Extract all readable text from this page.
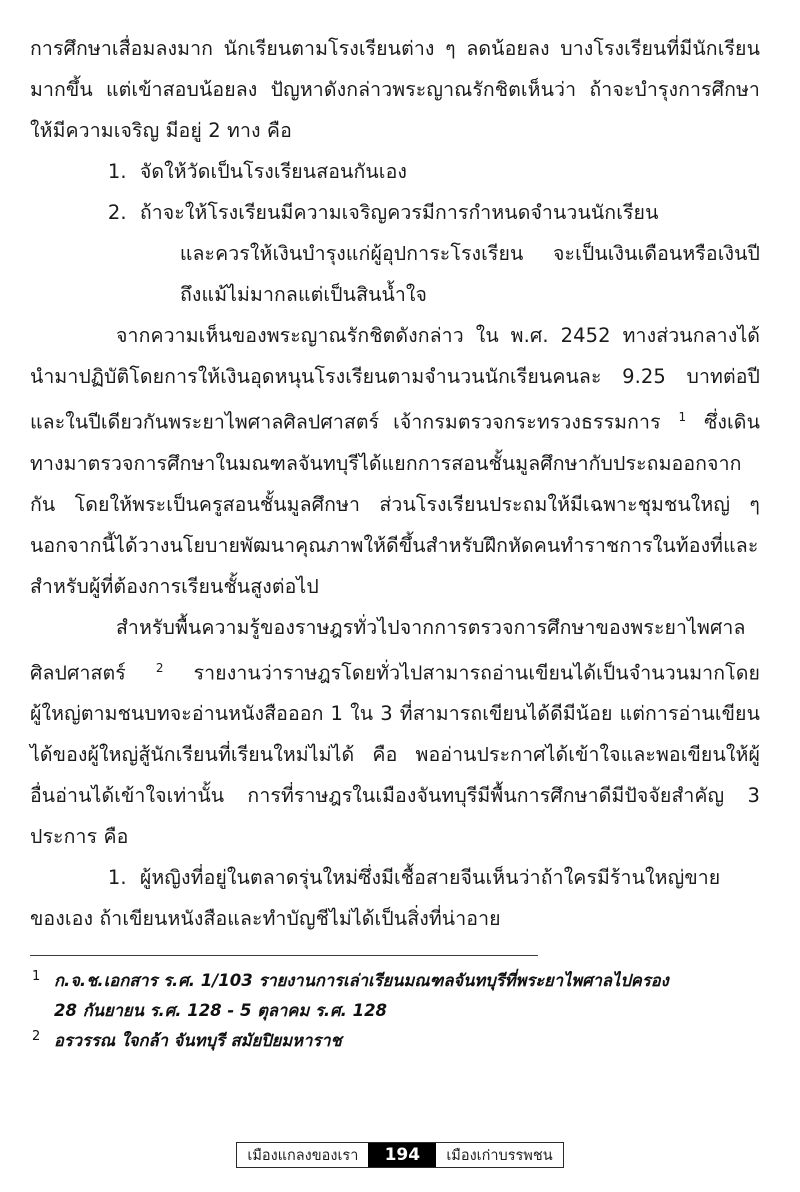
การศึกษาเสื่อมลงมาก นักเรียนตามโรงเรียนต่าง ๆ ลดน้อยลง บางโรงเรียนที่มีนักเรียนมากขึ้น แต่เข้าสอบน้อยลง ปัญหาดังกล่าวพระญาณรักชิตเห็นว่า ถ้าจะบำรุงการศึกษาให้มีความเจริญ มีอยู่ 2 ทาง คือ

1. จัดให้วัดเป็นโรงเรียนสอนกันเอง
2. ถ้าจะให้โรงเรียนมีความเจริญควรมีการกำหนดจำนวนนักเรียน
และควรให้เงินบำรุงแก่ผู้อุปการะโรงเรียน จะเป็นเงินเดือนหรือเงินปี ถึงแม้ไม่มากลแต่เป็นสินน้ำใจ

จากความเห็นของพระญาณรักชิตดังกล่าว ใน พ.ศ. 2452 ทางส่วนกลางได้นำมาปฏิบัติโดยการให้เงินอุดหนุนโรงเรียนตามจำนวนนักเรียนคนละ 9.25 บาทต่อปี และในปีเดียวกันพระยาไพศาลศิลปศาสตร์ เจ้ากรมตรวจกระทรวงธรรมการ $^1$ ซึ่งเดินทางมาตรวจการศึกษาในมณฑลจันทบุรีได้แยกการสอนชั้นมูลศึกษากับประถมออกจากกัน โดยให้พระเป็นครูสอนชั้นมูลศึกษา ส่วนโรงเรียนประถมให้มีเฉพาะชุมชนใหญ่ ๆ นอกจากนี้ได้วางนโยบายพัฒนาคุณภาพให้ดีขึ้นสำหรับฝึกหัดคนทำราชการในท้องที่และสำหรับผู้ที่ต้องการเรียนชั้นสูงต่อไป

สำหรับพื้นความรู้ของราษฎรทั่วไปจากการตรวจการศึกษาของพระยาไพศาลศิลปศาสตร์ $^2$ รายงานว่าราษฎรโดยทั่วไปสามารถอ่านเขียนได้เป็นจำนวนมากโดยผู้ใหญ่ตามชนบทจะอ่านหนังสือออก 1 ใน 3 ที่สามารถเขียนได้ดีมีน้อย แต่การอ่านเขียนได้ของผู้ใหญ่สู้นักเรียนที่เรียนใหม่ไม่ได้ คือ พออ่านประกาศได้เข้าใจและพอเขียนให้ผู้อื่นอ่านได้เข้าใจเท่านั้น การที่ราษฎรในเมืองจันทบุรีมีพื้นการศึกษาดีมีปัจจัยสำคัญ 3 ประการ คือ

1. ผู้หญิงที่อยู่ในตลาดรุ่นใหม่ซึ่งมีเชื้อสายจีนเห็นว่าถ้าใครมีร้านใหญ่ขาย

ของเอง ถ้าเขียนหนังสือและทำบัญชีไม่ได้เป็นสิ่งที่น่าอาย

1 ก.จ.ช.เอกสาร ร.ศ. 1/103 รายงานการเล่าเรียนมณฑลจันทบุรีที่พระยาไพศาลไปครอง
28 กันยายน ร.ศ. 128 - 5 ตุลาคม ร.ศ. 128
2 อรวรรณ ใจกล้า จันทบุรี สมัยปิยมหาราช
เมืองแกลงของเรา	194	เมืองเก่าบรรพชน
